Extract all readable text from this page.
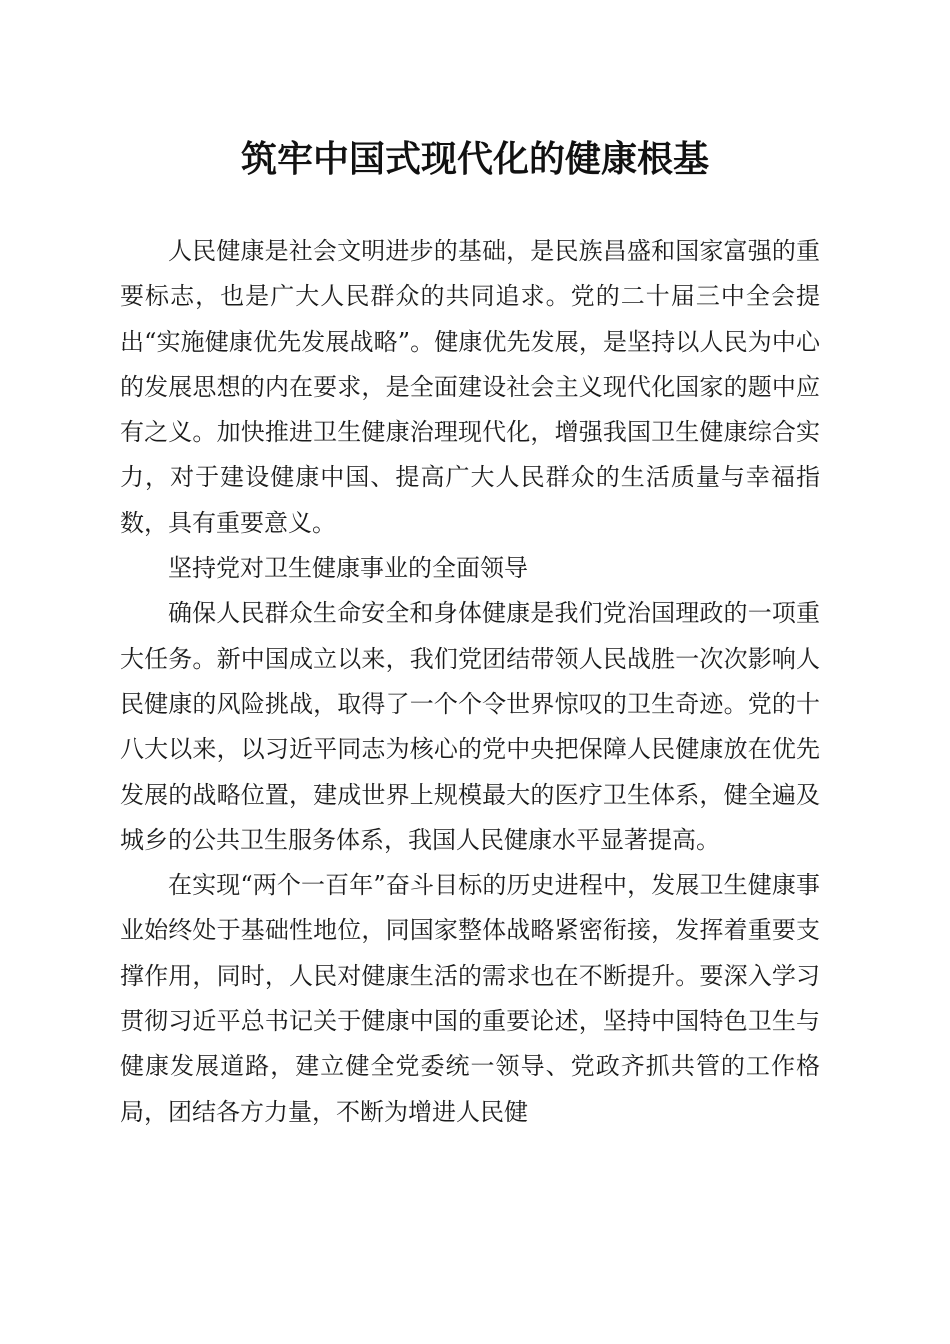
筑牢中国式现代化的健康根基

人民健康是社会文明进步的基础，是民族昌盛和国家富强的重要标志，也是广大人民群众的共同追求。党的二十届三中全会提出“实施健康优先发展战略”。健康优先发展，是坚持以人民为中心的发展思想的内在要求，是全面建设社会主义现代化国家的题中应有之义。加快推进卫生健康治理现代化，增强我国卫生健康综合实力，对于建设健康中国、提高广大人民群众的生活质量与幸福指数，具有重要意义。

坚持党对卫生健康事业的全面领导

确保人民群众生命安全和身体健康是我们党治国理政的一项重大任务。新中国成立以来，我们党团结带领人民战胜一次次影响人民健康的风险挑战，取得了一个个令世界惊叹的卫生奇迹。党的十八大以来，以习近平同志为核心的党中央把保障人民健康放在优先发展的战略位置，建成世界上规模最大的医疗卫生体系，健全遍及城乡的公共卫生服务体系，我国人民健康水平显著提高。

在实现“两个一百年”奋斗目标的历史进程中，发展卫生健康事业始终处于基础性地位，同国家整体战略紧密衔接，发挥着重要支撑作用，同时，人民对健康生活的需求也在不断提升。要深入学习贯彻习近平总书记关于健康中国的重要论述，坚持中国特色卫生与健康发展道路，建立健全党委统一领导、党政齐抓共管的工作格局，团结各方力量，不断为增进人民健
